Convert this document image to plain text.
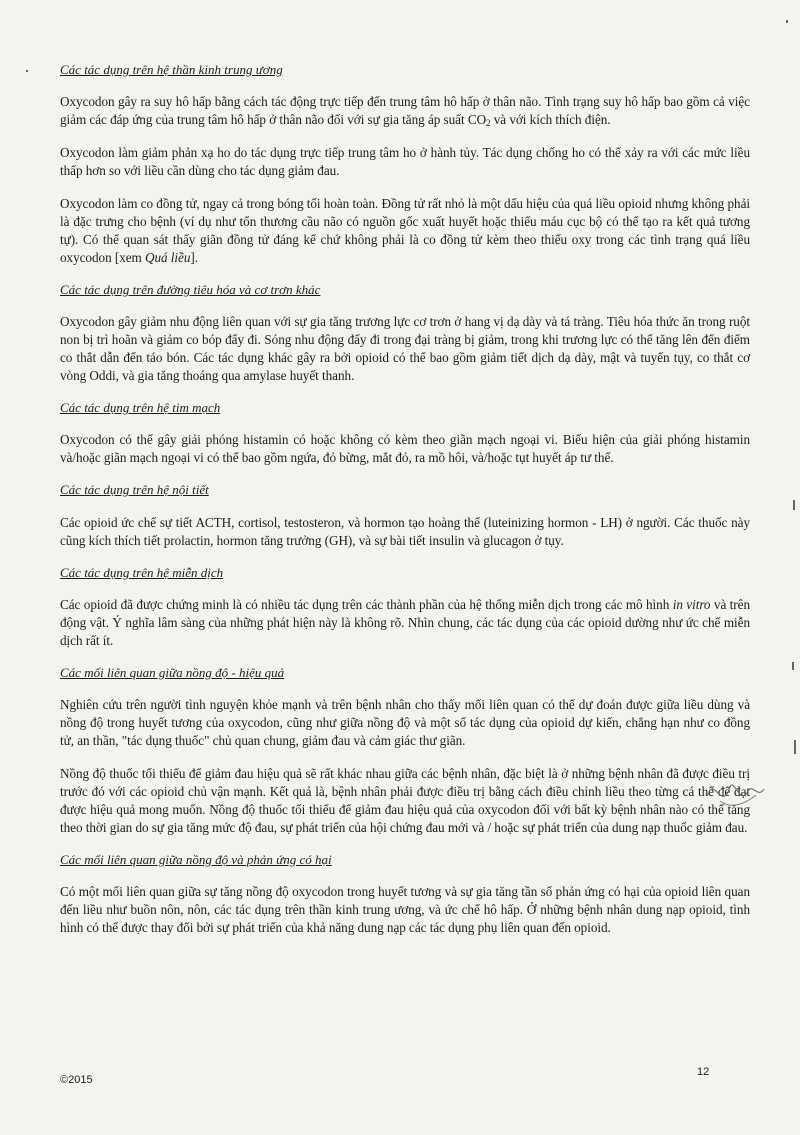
Các tác dụng trên hệ thần kinh trung ương

Oxycodon gây ra suy hô hấp bằng cách tác động trực tiếp đến trung tâm hô hấp ở thân não. Tình trạng suy hô hấp bao gồm cả việc giảm các đáp ứng của trung tâm hô hấp ở thân não đối với sự gia tăng áp suất $CO_2$ và với kích thích điện.

Oxycodon làm giảm phản xạ ho do tác dụng trực tiếp trung tâm ho ở hành tủy. Tác dụng chống ho có thể xảy ra với các mức liều thấp hơn so với liều cần dùng cho tác dụng giảm đau.

Oxycodon làm co đồng tử, ngay cả trong bóng tối hoàn toàn. Đồng tử rất nhỏ là một dấu hiệu của quá liều opioid nhưng không phải là đặc trưng cho bệnh (ví dụ như tổn thương cầu não có nguồn gốc xuất huyết hoặc thiếu máu cục bộ có thể tạo ra kết quả tương tự). Có thể quan sát thấy giãn đồng tử đáng kể chứ không phải là co đồng tử kèm theo thiếu oxy trong các tình trạng quá liều oxycodon [xem Quá liều].

Các tác dụng trên đường tiêu hóa và cơ trơn khác

Oxycodon gây giảm nhu động liên quan với sự gia tăng trương lực cơ trơn ở hang vị dạ dày và tá tràng. Tiêu hóa thức ăn trong ruột non bị trì hoãn và giảm co bóp đẩy đi. Sóng nhu động đẩy đi trong đại tràng bị giảm, trong khi trương lực có thể tăng lên đến điểm co thắt dẫn đến táo bón. Các tác dụng khác gây ra bởi opioid có thể bao gồm giảm tiết dịch dạ dày, mật và tuyến tụy, co thắt cơ vòng Oddi, và gia tăng thoáng qua amylase huyết thanh.

Các tác dụng trên hệ tim mạch

Oxycodon có thể gây giải phóng histamin có hoặc không có kèm theo giãn mạch ngoại vi. Biểu hiện của giải phóng histamin và/hoặc giãn mạch ngoại vi có thể bao gồm ngứa, đỏ bừng, mắt đỏ, ra mồ hôi, và/hoặc tụt huyết áp tư thế.

Các tác dụng trên hệ nội tiết

Các opioid ức chế sự tiết ACTH, cortisol, testosteron, và hormon tạo hoàng thể (luteinizing hormon - LH) ở người. Các thuốc này cũng kích thích tiết prolactin, hormon tăng trưởng (GH), và sự bài tiết insulin và glucagon ở tụy.

Các tác dụng trên hệ miễn dịch

Các opioid đã được chứng minh là có nhiều tác dụng trên các thành phần của hệ thống miễn dịch trong các mô hình in vitro và trên động vật. Ý nghĩa lâm sàng của những phát hiện này là không rõ. Nhìn chung, các tác dụng của các opioid dường như ức chế miễn dịch rất ít.

Các mối liên quan giữa nồng độ - hiệu quả

Nghiên cứu trên người tình nguyện khỏe mạnh và trên bệnh nhân cho thấy mối liên quan có thể dự đoán được giữa liều dùng và nồng độ trong huyết tương của oxycodon, cũng như giữa nồng độ và một số tác dụng của opioid dự kiến, chẳng hạn như co đồng tử, an thần, "tác dụng thuốc" chủ quan chung, giảm đau và cảm giác thư giãn.

Nồng độ thuốc tối thiểu để giảm đau hiệu quả sẽ rất khác nhau giữa các bệnh nhân, đặc biệt là ở những bệnh nhân đã được điều trị trước đó với các opioid chủ vận mạnh. Kết quả là, bệnh nhân phải được điều trị bằng cách điều chỉnh liều theo từng cá thể để đạt được hiệu quả mong muốn. Nồng độ thuốc tối thiểu để giảm đau hiệu quả của oxycodon đối với bất kỳ bệnh nhân nào có thể tăng theo thời gian do sự gia tăng mức độ đau, sự phát triển của hội chứng đau mới và / hoặc sự phát triển của dung nạp thuốc giảm đau.

Các mối liên quan giữa nồng độ và phản ứng có hại

Có một mối liên quan giữa sự tăng nồng độ oxycodon trong huyết tương và sự gia tăng tần số phản ứng có hại của opioid liên quan đến liều như buồn nôn, nôn, các tác dụng trên thần kinh trung ương, và ức chế hô hấp. Ở những bệnh nhân dung nạp opioid, tình hình có thể được thay đổi bởi sự phát triển của khả năng dung nạp các tác dụng phụ liên quan đến opioid.

©2015
12
